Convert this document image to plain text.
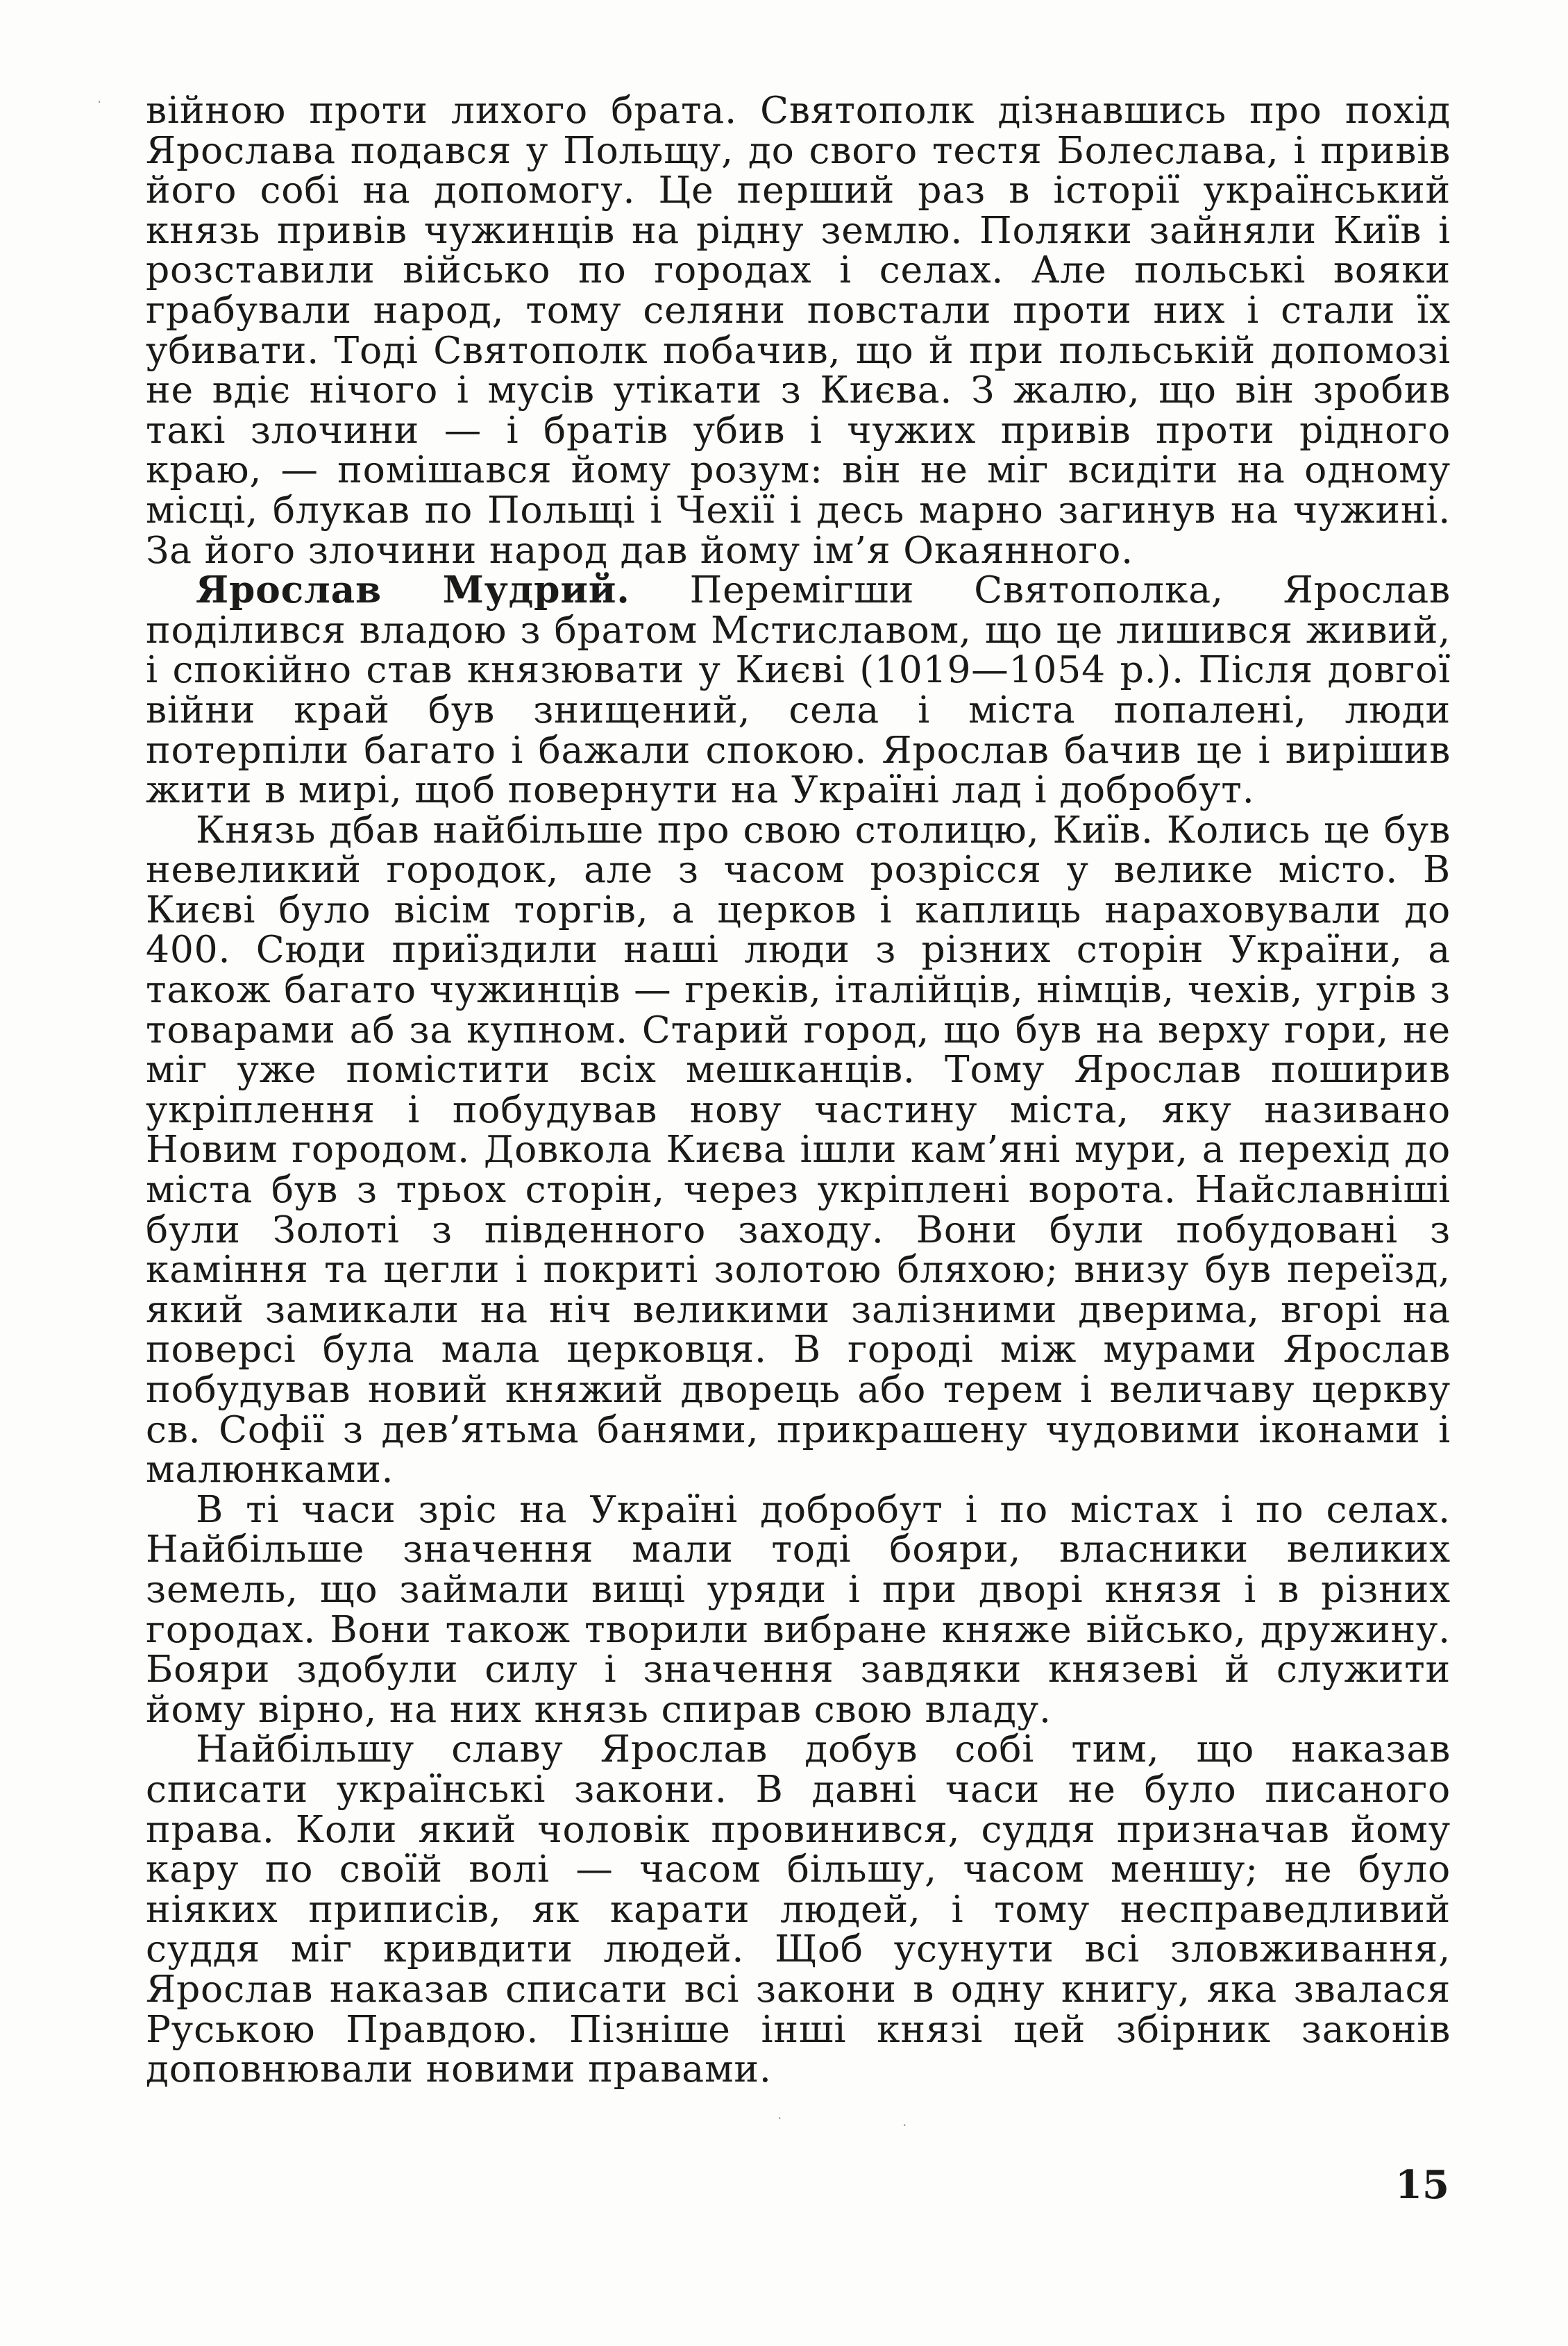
війною проти лихого брата. Святополк дізнавшись про похід Ярослава подався у Польщу, до свого тестя Болеслава, і привів його собі на допомогу. Це перший раз в історії український князь привів чужинців на рідну землю. Поляки зайняли Київ і розставили військо по городах і селах. Але польські вояки грабували народ, тому селяни повстали проти них і стали їх убивати. Тоді Святополк побачив, що й при польській допомозі не вдіє нічого і мусів утікати з Києва. З жалю, що він зробив такі злочини — і братів убив і чужих привів проти рідного краю, — помішався йому розум: він не міг всидіти на одному місці, блукав по Польщі і Чехії і десь марно загинув на чужині. За його злочини народ дав йому ім’я Окаянного.

Ярослав Мудрий. Перемігши Святополка, Ярослав поділився владою з братом Мстиславом, що це лишився живий, і спокійно став князювати у Києві (1019—1054 р.). Після довгої війни край був знищений, села і міста попалені, люди потерпіли багато і бажали спокою. Ярослав бачив це і вирішив жити в мирі, щоб повернути на Україні лад і добробут.

Князь дбав найбільше про свою столицю, Київ. Колись це був невеликий городок, але з часом розрісся у велике місто. В Києві було вісім торгів, а церков і каплиць нараховували до 400. Сюди приїздили наші люди з різних сторін України, а також багато чужинців — греків, італійців, німців, чехів, угрів з товарами аб за купном. Старий город, що був на верху гори, не міг уже помістити всіх мешканців. Тому Ярослав поширив укріплення і побудував нову частину міста, яку називано Новим городом. Довкола Києва ішли кам’яні мури, а перехід до міста був з трьох сторін, через укріплені ворота. Найславніші були Золоті з південного заходу. Вони були побудовані з каміння та цегли і покриті золотою бляхою; внизу був переїзд, який замикали на ніч великими залізними дверима, вгорі на поверсі була мала церковця. В городі між мурами Ярослав побудував новий княжий дворець або терем і величаву церкву св. Софії з дев’ятьма банями, прикрашену чудовими іконами і малюнками.

В ті часи зріс на Україні добробут і по містах і по селах. Найбільше значення мали тоді бояри, власники великих земель, що займали вищі уряди і при дворі князя і в різних городах. Вони також творили вибране княже військо, дружину. Бояри здобули силу і значення завдяки князеві й служити йому вірно, на них князь спирав свою владу.

Найбільшу славу Ярослав добув собі тим, що наказав списати українські закони. В давні часи не було писаного права. Коли який чоловік провинився, суддя призначав йому кару по своїй волі — часом більшу, часом меншу; не було ніяких приписів, як карати людей, і тому несправедливий суддя міг кривдити людей. Щоб усунути всі зловживання, Ярослав наказав списати всі закони в одну книгу, яка звалася Руською Правдою. Пізніше інші князі цей збірник законів доповнювали новими правами.

15
·
·	·
